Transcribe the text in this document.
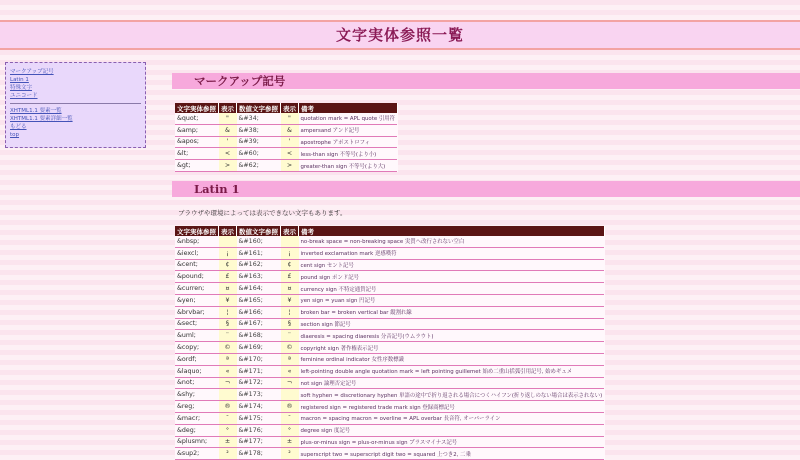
文字実体参照一覧
マークアップ記号
Latin 1
特殊文字
ユニコード
XHTML1.1 要素一覧
XHTML1.1 要素詳細一覧
もどる
top
マークアップ記号
文字実体参照	表示	数値文字参照	表示	備考
&quot;	"	&#34;	"	quotation mark = APL quote 引用符
&amp;	&	&#38;	&	ampersand アンド記号
&apos;	'	&#39;	'	apostrophe アポストロフィ
&lt;	<	&#60;	<	less-than sign 不等号(より小)
&gt;	>	&#62;	>	greater-than sign 不等号(より大)
Latin 1
ブラウザや環境によっては表示できない文字もあります。
文字実体参照	表示	数値文字参照	表示	備考
&nbsp;		&#160;		no-break space = non-breaking space 実質へ改行されない空白
&iexcl;	¡	&#161;	¡	inverted exclamation mark 逆感嘆符
&cent;	¢	&#162;	¢	cent sign セント記号
&pound;	£	&#163;	£	pound sign ポンド記号
&curren;	¤	&#164;	¤	currency sign 不特定通貨記号
&yen;	¥	&#165;	¥	yen sign = yuan sign 円記号
&brvbar;	¦	&#166;	¦	broken bar = broken vertical bar 縦割れ線
&sect;	§	&#167;	§	section sign 節記号
&uml;	¨	&#168;	¨	diaeresis = spacing diaeresis 分音記号(ウムラウト)
&copy;	©	&#169;	©	copyright sign 著作権表示記号
&ordf;	ª	&#170;	ª	feminine ordinal indicator 女性序数標識
&laquo;	«	&#171;	«	left-pointing double angle quotation mark = left pointing guillemet 始め二重山括弧引用記号, 始めギュメ
&not;	¬	&#172;	¬	not sign 論理否定記号
&shy;		&#173;		soft hyphen = discretionary hyphen 単語の途中で折り返される場合につくハイフン(折り返しのない場合は表示されない)
&reg;	®	&#174;	®	registered sign = registered trade mark sign 登録商標記号
&macr;	¯	&#175;	¯	macron = spacing macron = overline = APL overbar 長音符, オーバーライン
&deg;	°	&#176;	°	degree sign 度記号
&plusmn;	±	&#177;	±	plus-or-minus sign = plus-or-minus sign プラスマイナス記号
&sup2;	²	&#178;	²	superscript two = superscript digit two = squared 上つき2, 二乗
